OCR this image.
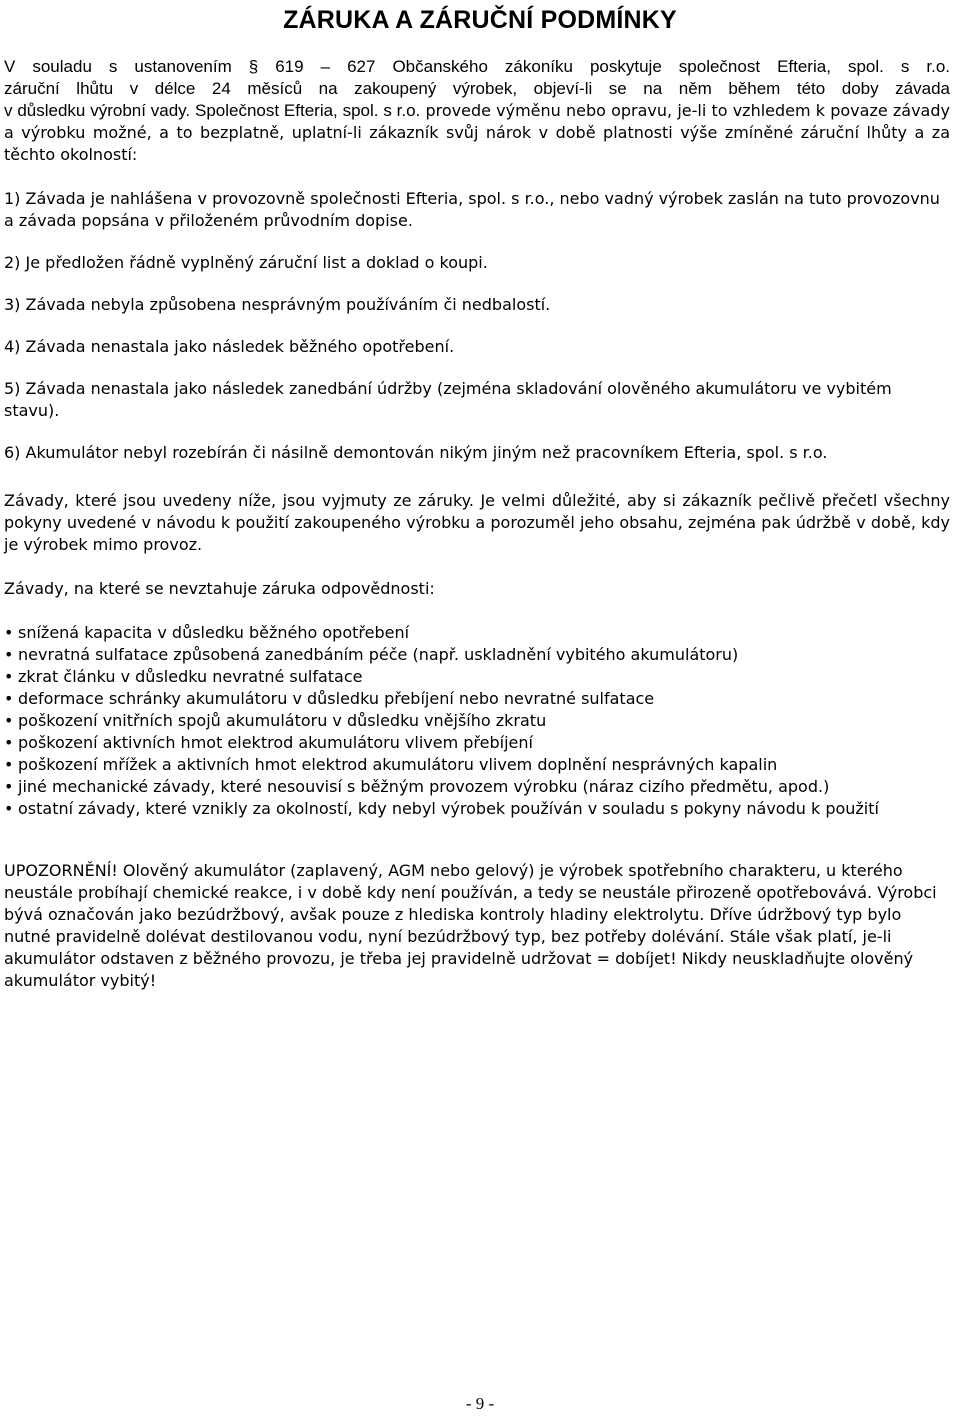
ZÁRUKA A ZÁRUČNÍ PODMÍNKY
V souladu s ustanovením § 619 – 627 Občanského zákoníku poskytuje společnost Efteria, spol. s r.o.
záruční lhůtu v délce 24 měsíců na zakoupený výrobek, objeví-li se na něm během této doby závada
v důsledku výrobní vady. Společnost Efteria, spol. s r.o. provede výměnu nebo opravu, je-li to vzhledem k povaze závady a výrobku možné, a to bezplatně, uplatní-li zákazník svůj nárok v době platnosti výše zmíněné záruční lhůty a za těchto okolností:

1) Závada je nahlášena v provozovně společnosti Efteria, spol. s r.o., nebo vadný výrobek zaslán na tuto provozovnu a závada popsána v přiloženém průvodním dopise.

2) Je předložen řádně vyplněný záruční list a doklad o koupi.

3) Závada nebyla způsobena nesprávným používáním či nedbalostí.

4) Závada nenastala jako následek běžného opotřebení.

5) Závada nenastala jako následek zanedbání údržby (zejména skladování olověného akumulátoru ve vybitém stavu).

6) Akumulátor nebyl rozebírán či násilně demontován nikým jiným než pracovníkem Efteria, spol. s r.o.

Závady, které jsou uvedeny níže, jsou vyjmuty ze záruky. Je velmi důležité, aby si zákazník pečlivě přečetl všechny pokyny uvedené v návodu k použití zakoupeného výrobku a porozuměl jeho obsahu, zejména pak údržbě v době, kdy je výrobek mimo provoz.

Závady, na které se nevztahuje záruka odpovědnosti:

• snížená kapacita v důsledku běžného opotřebení
• nevratná sulfatace způsobená zanedbáním péče (např. uskladnění vybitého akumulátoru)
• zkrat článku v důsledku nevratné sulfatace
• deformace schránky akumulátoru v důsledku přebíjení nebo nevratné sulfatace
• poškození vnitřních spojů akumulátoru v důsledku vnějšího zkratu
• poškození aktivních hmot elektrod akumulátoru vlivem přebíjení
• poškození mřížek a aktivních hmot elektrod akumulátoru vlivem doplnění nesprávných kapalin
• jiné mechanické závady, které nesouvisí s běžným provozem výrobku (náraz cizího předmětu, apod.)
• ostatní závady, které vznikly za okolností, kdy nebyl výrobek používán v souladu s pokyny návodu k použití

UPOZORNĚNÍ! Olověný akumulátor (zaplavený, AGM nebo gelový) je výrobek spotřebního charakteru, u kterého neustále probíhají chemické reakce, i v době kdy není používán, a tedy se neustále přirozeně opotřebovává. Výrobci bývá označován jako bezúdržbový, avšak pouze z hlediska kontroly hladiny elektrolytu. Dříve údržbový typ bylo nutné pravidelně dolévat destilovanou vodu, nyní bezúdržbový typ, bez potřeby dolévání. Stále však platí, je-li akumulátor odstaven z běžného provozu, je třeba jej pravidelně udržovat = dobíjet! Nikdy neuskladňujte olověný akumulátor vybitý!

- 9 -
